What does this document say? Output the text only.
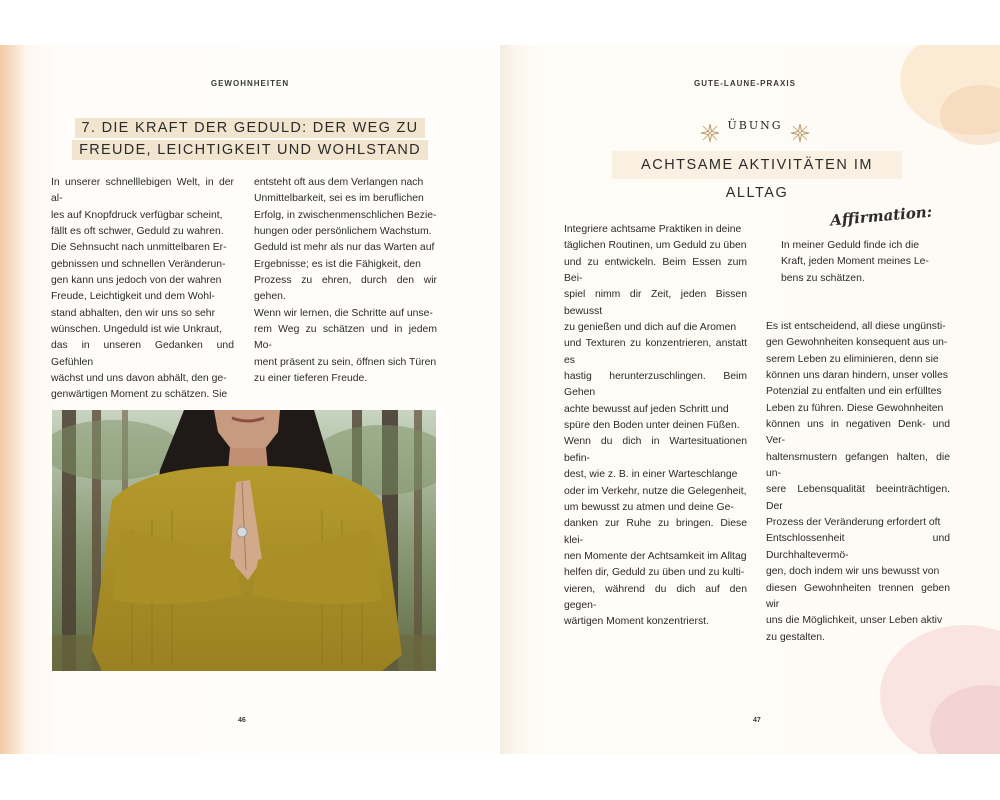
GEWOHNHEITEN
7. DIE KRAFT DER GEDULD: DER WEG ZU
FREUDE, LEICHTIGKEIT UND WOHLSTAND

In unserer schnelllebigen Welt, in der al-

les auf Knopfdruck verfügbar scheint,

fällt es oft schwer, Geduld zu wahren.

Die Sehnsucht nach unmittelbaren Er-

gebnissen und schnellen Veränderun-

gen kann uns jedoch von der wahren

Freude, Leichtigkeit und dem Wohl-

stand abhalten, den wir uns so sehr

wünschen. Ungeduld ist wie Unkraut,

das in unseren Gedanken und Gefühlen

wächst und uns davon abhält, den ge-

genwärtigen Moment zu schätzen. Sie

entsteht oft aus dem Verlangen nach

Unmittelbarkeit, sei es im beruflichen

Erfolg, in zwischenmenschlichen Bezie-

hungen oder persönlichem Wachstum.

Geduld ist mehr als nur das Warten auf

Ergebnisse; es ist die Fähigkeit, den

Prozess zu ehren, durch den wir gehen.

Wenn wir lernen, die Schritte auf unse-

rem Weg zu schätzen und in jedem Mo-

ment präsent zu sein, öffnen sich Türen

zu einer tieferen Freude.

46
GUTE-LAUNE-PRAXIS
ÜBUNG
ACHTSAME AKTIVITÄTEN IM ALLTAG

Integriere achtsame Praktiken in deine

täglichen Routinen, um Geduld zu üben

und zu entwickeln. Beim Essen zum Bei-

spiel nimm dir Zeit, jeden Bissen bewusst

zu genießen und dich auf die Aromen

und Texturen zu konzentrieren, anstatt es

hastig herunterzuschlingen. Beim Gehen

achte bewusst auf jeden Schritt und

spüre den Boden unter deinen Füßen.

Wenn du dich in Wartesituationen befin-

dest, wie z. B. in einer Warteschlange

oder im Verkehr, nutze die Gelegenheit,

um bewusst zu atmen und deine Ge-

danken zur Ruhe zu bringen. Diese klei-

nen Momente der Achtsamkeit im Alltag

helfen dir, Geduld zu üben und zu kulti-

vieren, während du dich auf den gegen-

wärtigen Moment konzentrierst.

Affirmation:

In meiner Geduld finde ich die

Kraft, jeden Moment meines Le-

bens zu schätzen.

Es ist entscheidend, all diese ungünsti-

gen Gewohnheiten konsequent aus un-

serem Leben zu eliminieren, denn sie

können uns daran hindern, unser volles

Potenzial zu entfalten und ein erfülltes

Leben zu führen. Diese Gewohnheiten

können uns in negativen Denk- und Ver-

haltensmustern gefangen halten, die un-

sere Lebensqualität beeinträchtigen. Der

Prozess der Veränderung erfordert oft

Entschlossenheit und Durchhaltevermö-

gen, doch indem wir uns bewusst von

diesen Gewohnheiten trennen geben wir

uns die Möglichkeit, unser Leben aktiv

zu gestalten.

47
